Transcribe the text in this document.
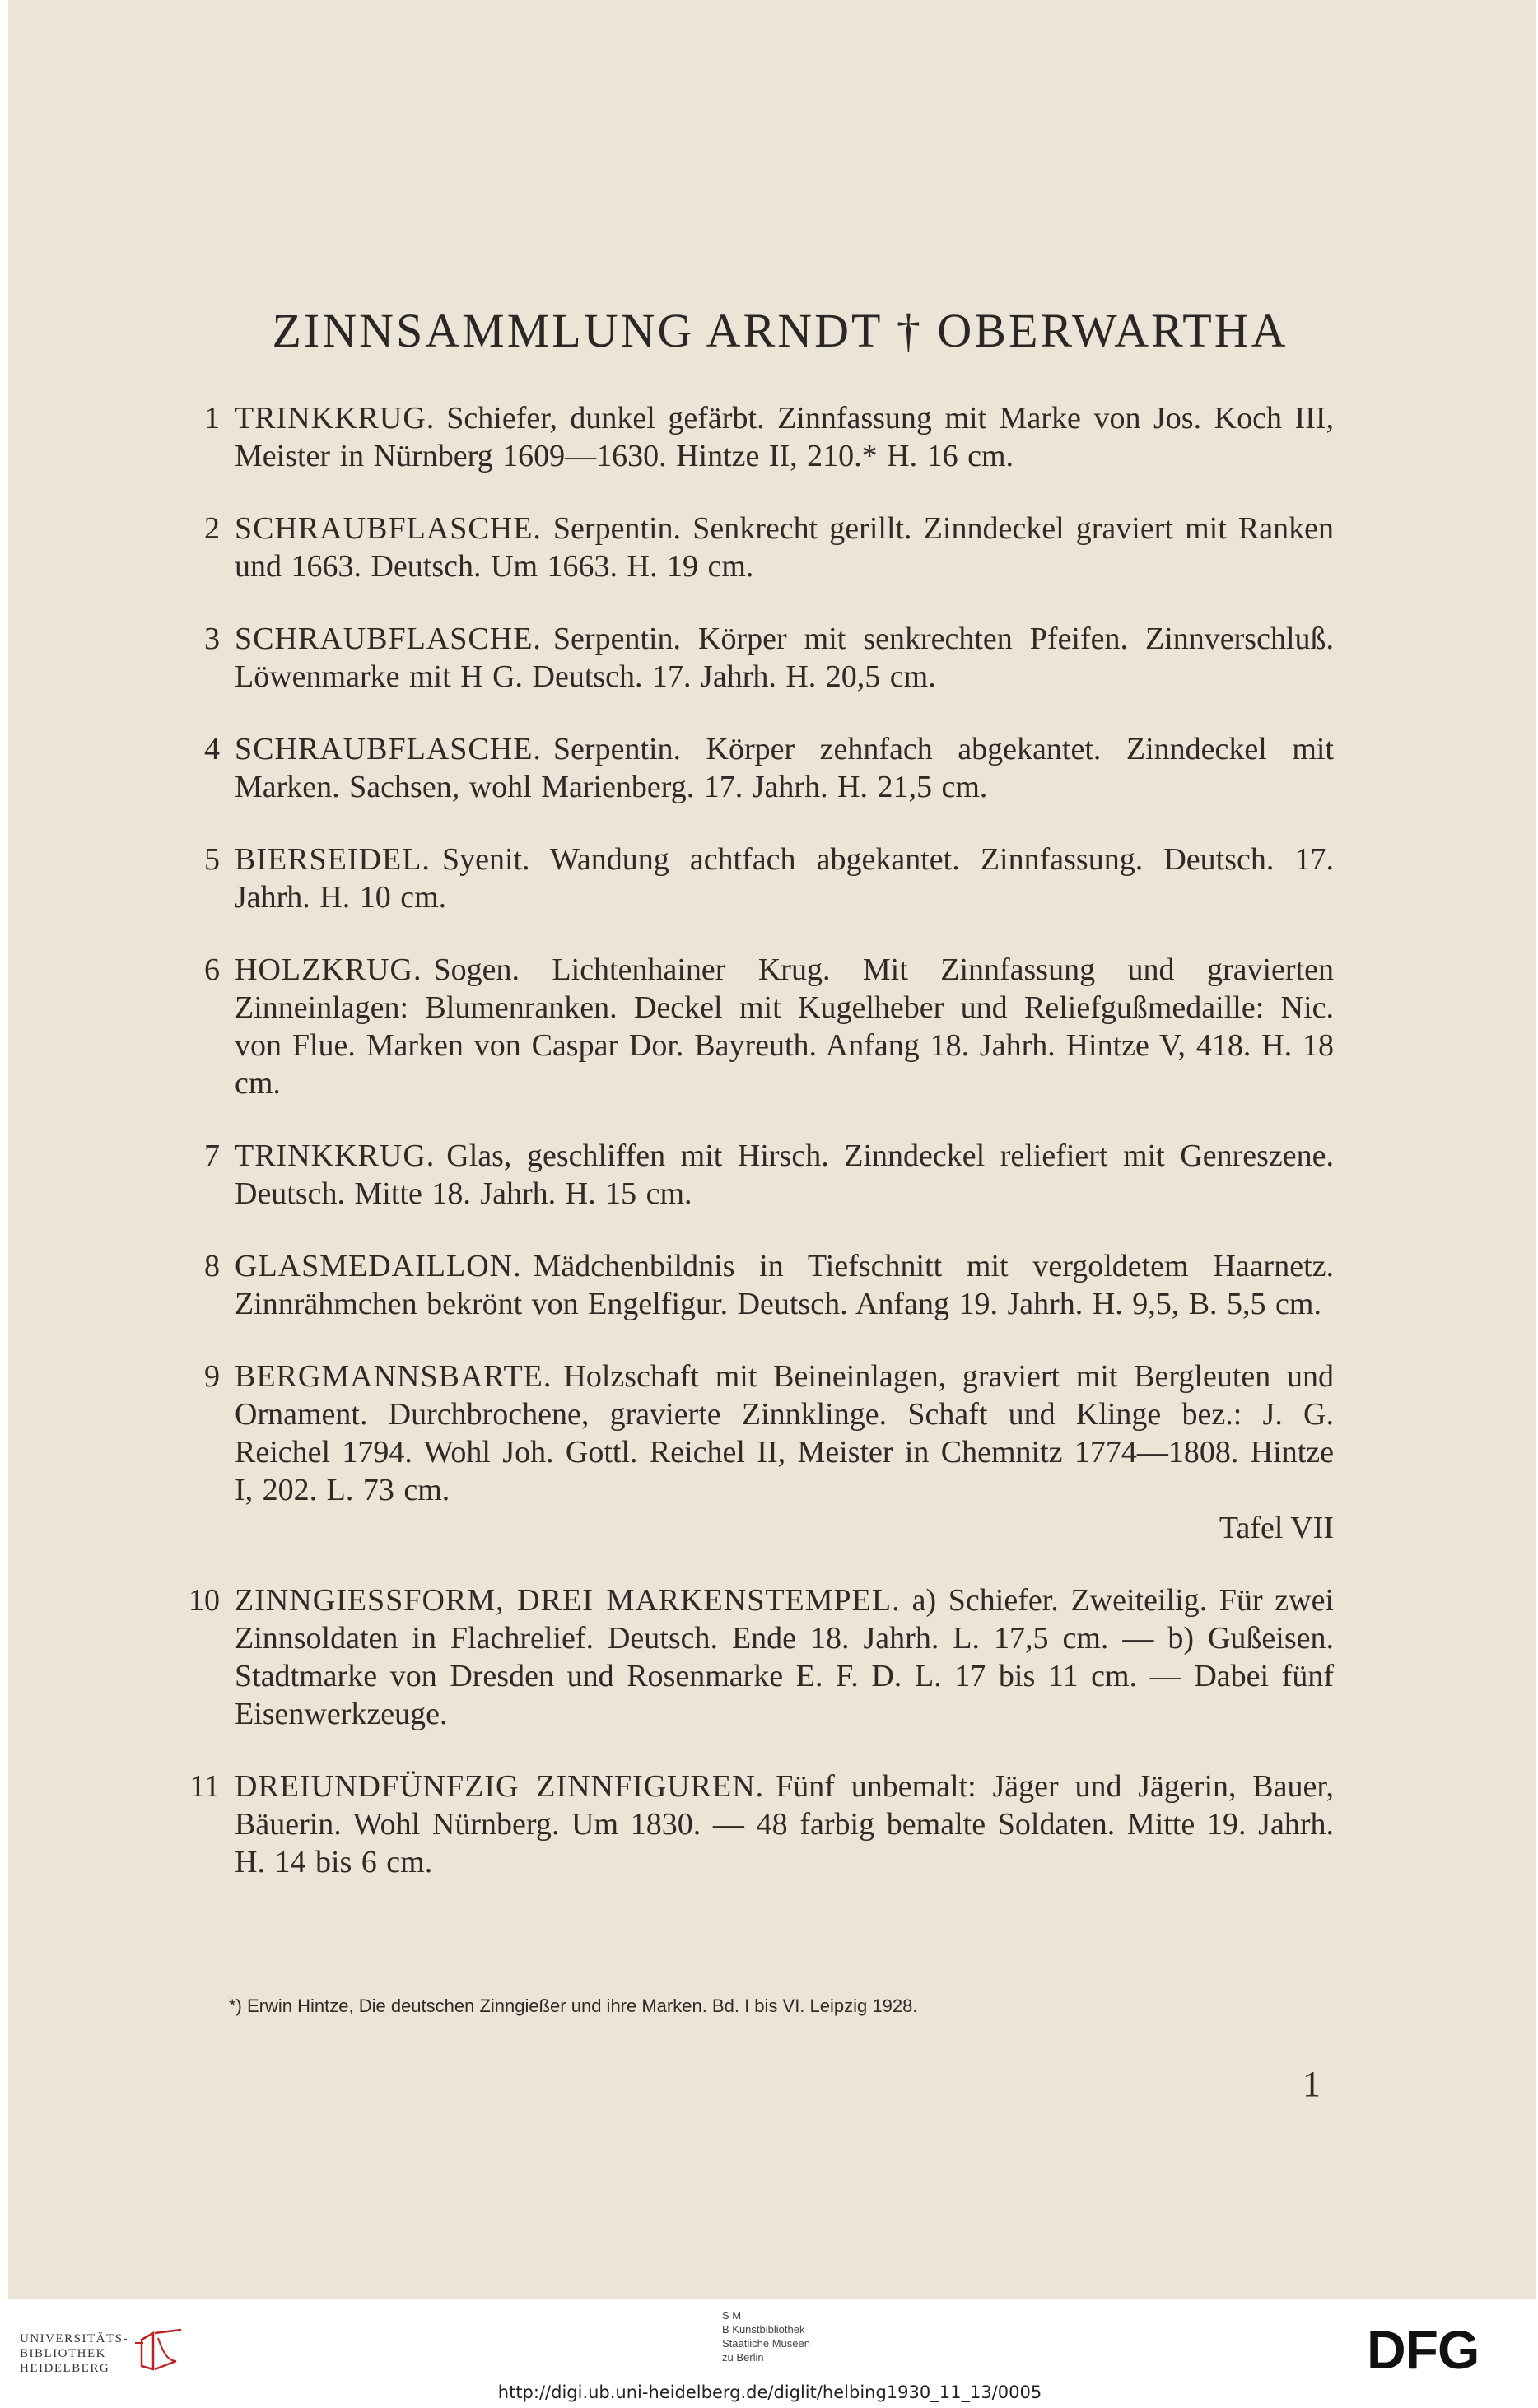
ZINNSAMMLUNG ARNDT † OBERWARTHA
1 TRINKKRUG. Schiefer, dunkel gefärbt. Zinnfassung mit Marke von Jos. Koch III, Meister in Nürnberg 1609—1630. Hintze II, 210.* H. 16 cm.
2 SCHRAUBFLASCHE. Serpentin. Senkrecht gerillt. Zinndeckel graviert mit Ranken und 1663. Deutsch. Um 1663. H. 19 cm.
3 SCHRAUBFLASCHE. Serpentin. Körper mit senkrechten Pfeifen. Zinnverschluß. Löwenmarke mit H G. Deutsch. 17. Jahrh. H. 20,5 cm.
4 SCHRAUBFLASCHE. Serpentin. Körper zehnfach abgekantet. Zinndeckel mit Marken. Sachsen, wohl Marienberg. 17. Jahrh. H. 21,5 cm.
5 BIERSEIDEL. Syenit. Wandung achtfach abgekantet. Zinnfassung. Deutsch. 17. Jahrh. H. 10 cm.
6 HOLZKRUG. Sogen. Lichtenhainer Krug. Mit Zinnfassung und gravierten Zinneinlagen: Blumenranken. Deckel mit Kugelheber und Reliefgußmedaille: Nic. von Flue. Marken von Caspar Dor. Bayreuth. Anfang 18. Jahrh. Hintze V, 418. H. 18 cm.
7 TRINKKRUG. Glas, geschliffen mit Hirsch. Zinndeckel reliefiert mit Genreszene. Deutsch. Mitte 18. Jahrh. H. 15 cm.
8 GLASMEDAILLON. Mädchenbildnis in Tiefschnitt mit vergoldetem Haarnetz. Zinnrähmchen bekrönt von Engelfigur. Deutsch. Anfang 19. Jahrh. H. 9,5, B. 5,5 cm.
9 BERGMANNSBARTE. Holzschaft mit Beineinlagen, graviert mit Bergleuten und Ornament. Durchbrochene, gravierte Zinnklinge. Schaft und Klinge bez.: J. G. Reichel 1794. Wohl Joh. Gottl. Reichel II, Meister in Chemnitz 1774—1808. Hintze I, 202. L. 73 cm.
Tafel VII
10 ZINNGIESSFORM, DREI MARKENSTEMPEL. a) Schiefer. Zweiteilig. Für zwei Zinnsoldaten in Flachrelief. Deutsch. Ende 18. Jahrh. L. 17,5 cm. — b) Gußeisen. Stadtmarke von Dresden und Rosenmarke E. F. D. L. 17 bis 11 cm. — Dabei fünf Eisenwerkzeuge.
11 DREIUNDFÜNFZIG ZINNFIGUREN. Fünf unbemalt: Jäger und Jägerin, Bauer, Bäuerin. Wohl Nürnberg. Um 1830. — 48 farbig bemalte Soldaten. Mitte 19. Jahrh. H. 14 bis 6 cm.
*) Erwin Hintze, Die deutschen Zinngießer und ihre Marken. Bd. I bis VI. Leipzig 1928.
1
UNIVERSITÄTS-
BIBLIOTHEK
HEIDELBERG
S M
B Kunstbibliothek
Staatliche Museen
zu Berlin	DFG
http://digi.ub.uni-heidelberg.de/diglit/helbing1930_11_13/0005
